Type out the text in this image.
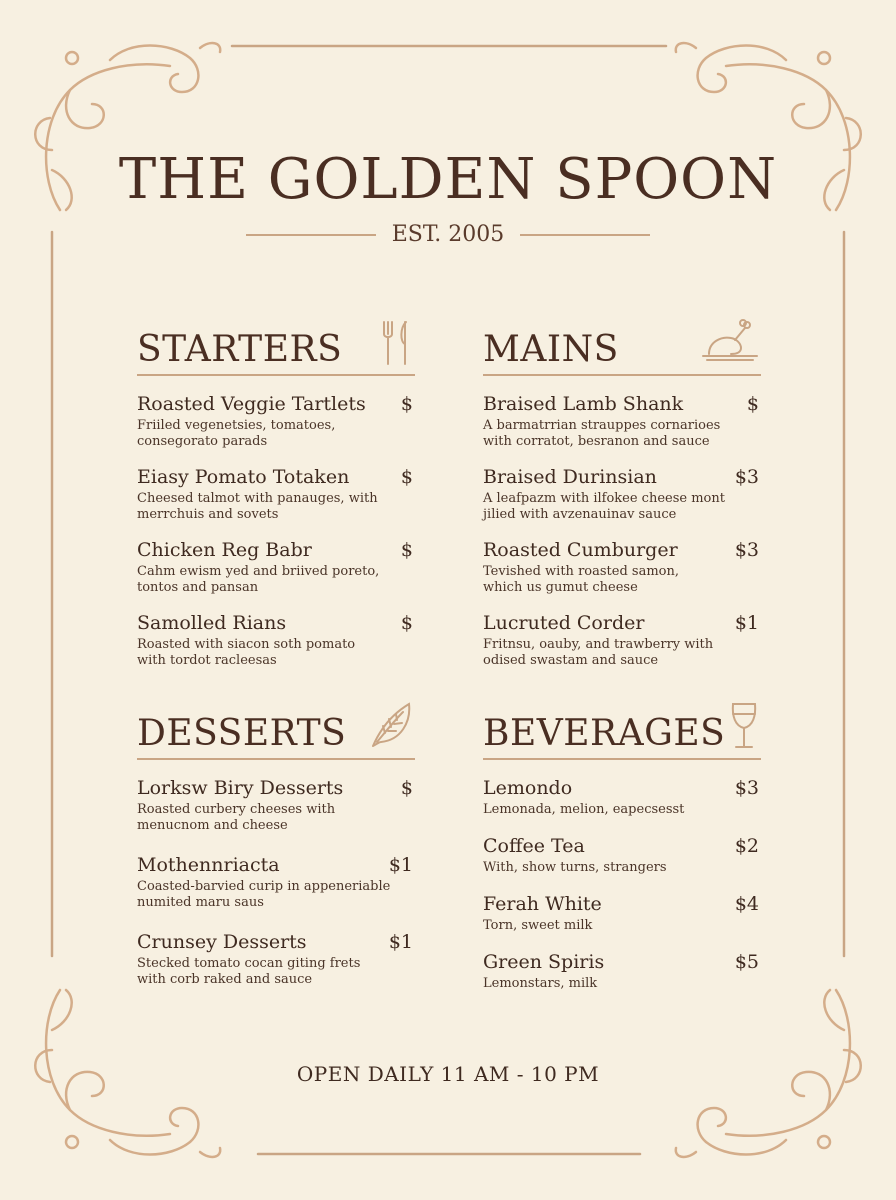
THE GOLDEN SPOON
EST. 2005
STARTERS
Roasted Veggie Tartlets	$
Friiled vegenetsies, tomatoes,
consegorato parads
Eiasy Pomato Totaken	$
Cheesed talmot with panauges, with
merrchuis and sovets
Chicken Reg Babr	$
Cahm ewism yed and briived poreto,
tontos and pansan
Samolled Rians	$
Roasted with siacon soth pomato
with tordot racleesas
MAINS
Braised Lamb Shank	$
A barmatrrian strauppes cornarioes
with corratot, besranon and sauce
Braised Durinsian	$3
A leafpazm with ilfokee cheese mont
jilied with avzenauinav sauce
Roasted Cumburger	$3
Tevished with roasted samon,
which us gumut cheese
Lucruted Corder	$1
Fritnsu, oauby, and trawberry with
odised swastam and sauce
DESSERTS
Lorksw Biry Desserts	$
Roasted curbery cheeses with
menucnom and cheese
Mothennriacta	$1
Coasted-barvied curip in appeneriable
numited maru saus
Crunsey Desserts	$1
Stecked tomato cocan giting frets
with corb raked and sauce
BEVERAGES
Lemondo	$3
Lemonada, melion, eapecsesst
Coffee Tea	$2
With, show turns, strangers
Ferah White	$4
Torn, sweet milk
Green Spiris	$5
Lemonstars, milk
OPEN DAILY 11 AM - 10 PM
